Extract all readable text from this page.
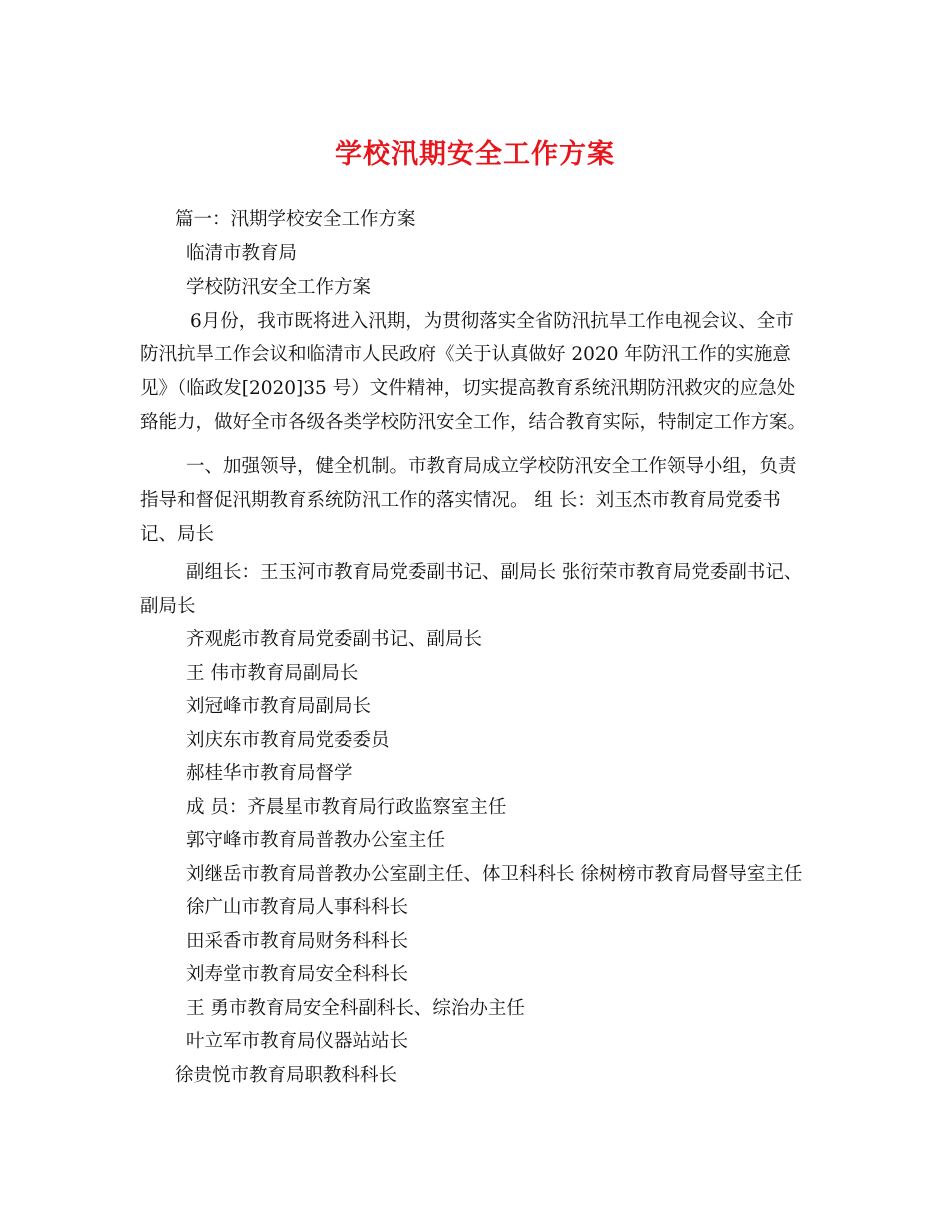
学校汛期安全工作方案
篇一：汛期学校安全工作方案
临清市教育局
学校防汛安全工作方案
6月份，我市既将进入汛期，为贯彻落实全省防汛抗旱工作电视会议、全市
防汛抗旱工作会议和临清市人民政府《关于认真做好 2020 年防汛工作的实施意
见》（临政发[2020]35 号）文件精神，切实提高教育系统汛期防汛救灾的应急处
臵能力，做好全市各级各类学校防汛安全工作，结合教育实际，特制定工作方案。
一、加强领导，健全机制。市教育局成立学校防汛安全工作领导小组，负责
指导和督促汛期教育系统防汛工作的落实情况。 组 长：刘玉杰市教育局党委书
记、局长
副组长：王玉河市教育局党委副书记、副局长 张衍荣市教育局党委副书记、
副局长
齐观彪市教育局党委副书记、副局长
王 伟市教育局副局长
刘冠峰市教育局副局长
刘庆东市教育局党委委员
郝桂华市教育局督学
成 员：齐晨星市教育局行政监察室主任
郭守峰市教育局普教办公室主任
刘继岳市教育局普教办公室副主任、体卫科科长 徐树榜市教育局督导室主任
徐广山市教育局人事科科长
田采香市教育局财务科科长
刘寿堂市教育局安全科科长
王 勇市教育局安全科副科长、综治办主任
叶立军市教育局仪器站站长
徐贵悦市教育局职教科科长
